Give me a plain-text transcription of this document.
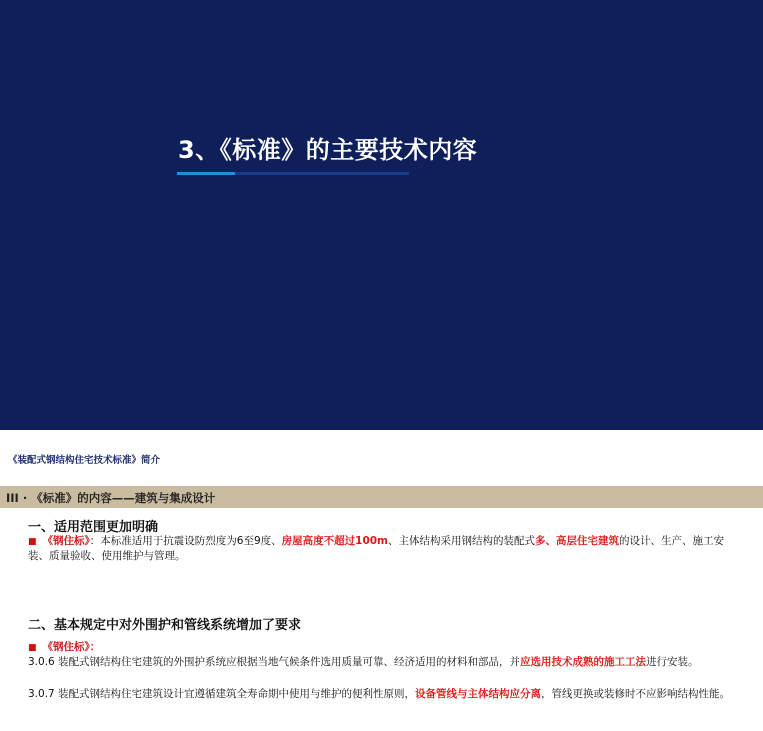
3、《标准》的主要技术内容
《装配式钢结构住宅技术标准》简介
III · 《标准》的内容——建筑与集成设计
一、适用范围更加明确
■ 《钢住标》：本标准适用于抗震设防烈度为6至9度、房屋高度不超过100m、主体结构采用钢结构的装配式多、高层住宅建筑的设计、生产、施工安装、质量验收、使用维护与管理。
二、基本规定中对外围护和管线系统增加了要求
■ 《钢住标》：
3.0.6 装配式钢结构住宅建筑的外围护系统应根据当地气候条件选用质量可靠、经济适用的材料和部品，并应选用技术成熟的施工工法进行安装。
3.0.7 装配式钢结构住宅建筑设计宜遵循建筑全寿命期中使用与维护的便利性原则，设备管线与主体结构应分离，管线更换或装修时不应影响结构性能。
